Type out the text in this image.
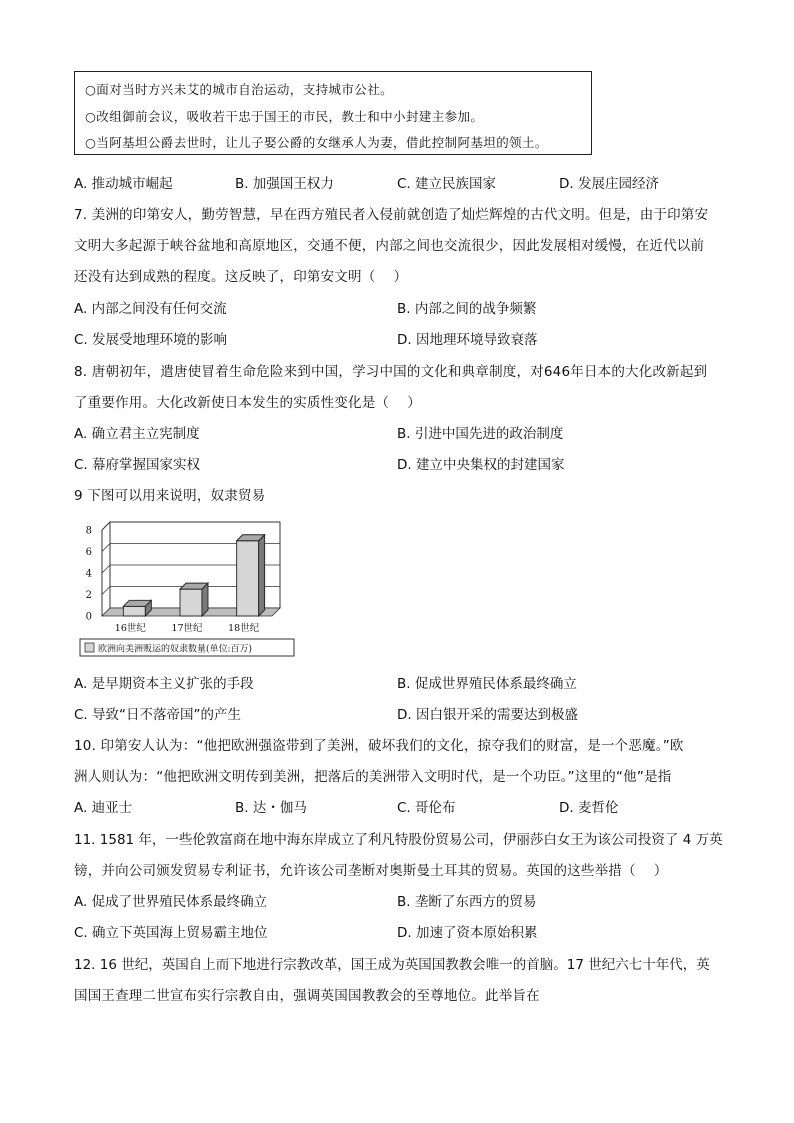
○面对当时方兴未艾的城市自治运动，支持城市公社。
○改组御前会议，吸收若干忠于国王的市民，教士和中小封建主参加。
○当阿基坦公爵去世时，让儿子娶公爵的女继承人为妻，借此控制阿基坦的领土。
A. 推动城市崛起	B. 加强国王权力	C. 建立民族国家	D. 发展庄园经济
7. 美洲的印第安人，勤劳智慧，早在西方殖民者入侵前就创造了灿烂辉煌的古代文明。但是，由于印第安
文明大多起源于峡谷盆地和高原地区，交通不便，内部之间也交流很少，因此发展相对缓慢，在近代以前
还没有达到成熟的程度。这反映了，印第安文明（　 ）
A. 内部之间没有任何交流	B. 内部之间的战争频繁
C. 发展受地理环境的影响	D. 因地理环境导致衰落
8. 唐朝初年，遣唐使冒着生命危险来到中国，学习中国的文化和典章制度，对646年日本的大化改新起到
了重要作用。大化改新使日本发生的实质性变化是（　 ）
A. 确立君主立宪制度	B. 引进中国先进的政治制度
C. 幕府掌握国家实权	D. 建立中央集权的封建国家
9 下图可以用来说明，奴隶贸易
16世纪	17世纪	18世纪
0
2
4
6
8
欧洲向美洲贩运的奴隶数量(单位:百万)
A. 是早期资本主义扩张的手段	B. 促成世界殖民体系最终确立
C. 导致“日不落帝国”的产生	D. 因白银开采的需要达到极盛
10. 印第安人认为：“他把欧洲强盗带到了美洲，破坏我们的文化，掠夺我们的财富，是一个恶魔。”欧
洲人则认为：“他把欧洲文明传到美洲，把落后的美洲带入文明时代，是一个功臣。”这里的“他”是指
A. 迪亚士	B. 达・伽马	C. 哥伦布	D. 麦哲伦
11. 1581 年，一些伦敦富商在地中海东岸成立了利凡特股份贸易公司，伊丽莎白女王为该公司投资了 4 万英
镑，并向公司颁发贸易专利证书，允许该公司垄断对奥斯曼土耳其的贸易。英国的这些举措（　 ）
A. 促成了世界殖民体系最终确立	B. 垄断了东西方的贸易
C. 确立下英国海上贸易霸主地位	D. 加速了资本原始积累
12. 16 世纪，英国自上而下地进行宗教改革，国王成为英国国教教会唯一的首脑。17 世纪六七十年代，英
国国王查理二世宣布实行宗教自由，强调英国国教教会的至尊地位。此举旨在
